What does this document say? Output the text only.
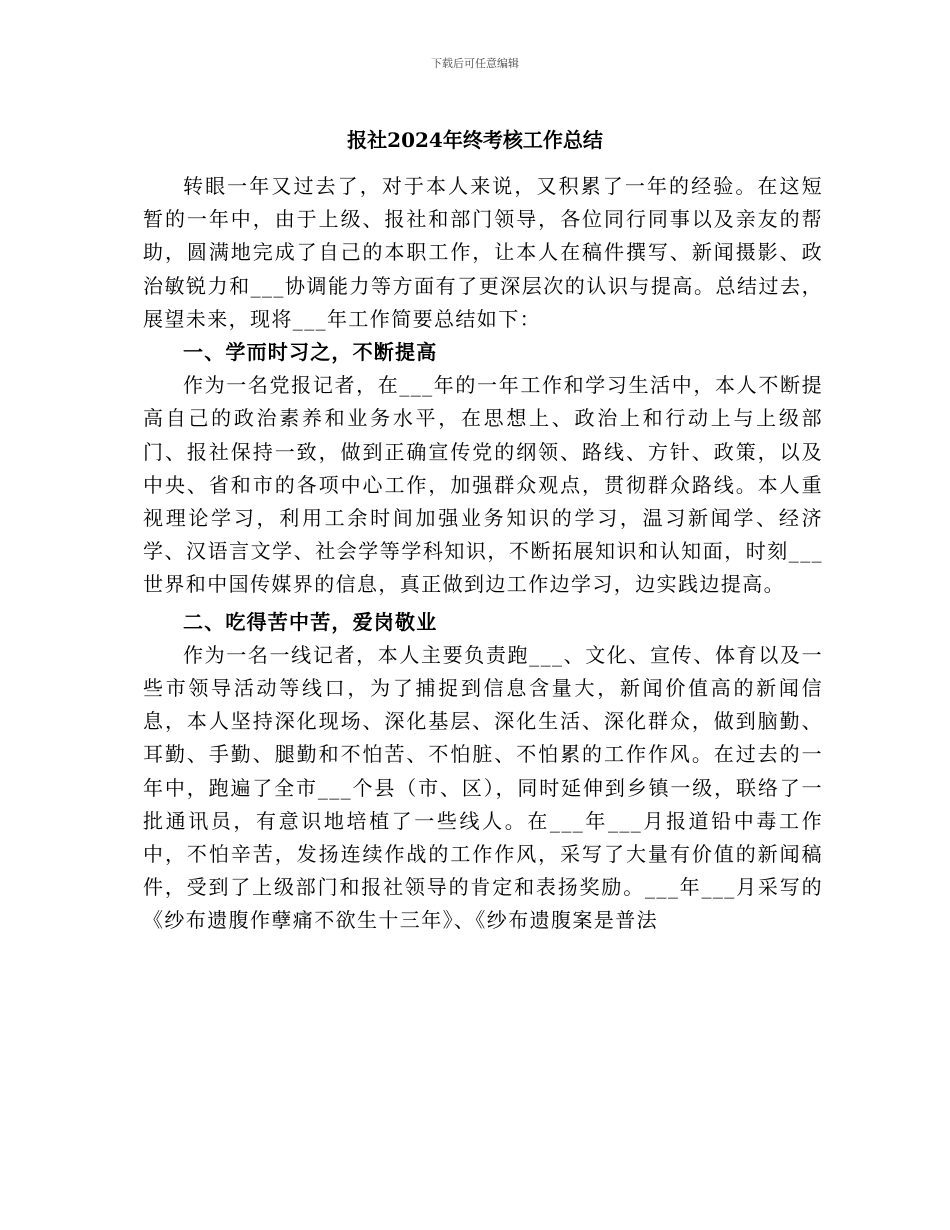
下载后可任意编辑
报社2024年终考核工作总结

转眼一年又过去了，对于本人来说，又积累了一年的经验。在这短暂的一年中，由于上级、报社和部门领导，各位同行同事以及亲友的帮助，圆满地完成了自己的本职工作，让本人在稿件撰写、新闻摄影、政治敏锐力和___协调能力等方面有了更深层次的认识与提高。总结过去，展望未来，现将___年工作简要总结如下：

一、学而时习之，不断提高

作为一名党报记者，在___年的一年工作和学习生活中，本人不断提高自己的政治素养和业务水平，在思想上、政治上和行动上与上级部门、报社保持一致，做到正确宣传党的纲领、路线、方针、政策，以及中央、省和市的各项中心工作，加强群众观点，贯彻群众路线。本人重视理论学习，利用工余时间加强业务知识的学习，温习新闻学、经济学、汉语言文学、社会学等学科知识，不断拓展知识和认知面，时刻___世界和中国传媒界的信息，真正做到边工作边学习，边实践边提高。

二、吃得苦中苦，爱岗敬业

作为一名一线记者，本人主要负责跑___、文化、宣传、体育以及一些市领导活动等线口，为了捕捉到信息含量大，新闻价值高的新闻信息，本人坚持深化现场、深化基层、深化生活、深化群众，做到脑勤、耳勤、手勤、腿勤和不怕苦、不怕脏、不怕累的工作作风。在过去的一年中，跑遍了全市___个县（市、区），同时延伸到乡镇一级，联络了一批通讯员，有意识地培植了一些线人。在___年___月报道铅中毒工作中，不怕辛苦，发扬连续作战的工作作风，采写了大量有价值的新闻稿件，受到了上级部门和报社领导的肯定和表扬奖励。___年___月采写的《纱布遗腹作孽痛不欲生十三年》、《纱布遗腹案是普法
